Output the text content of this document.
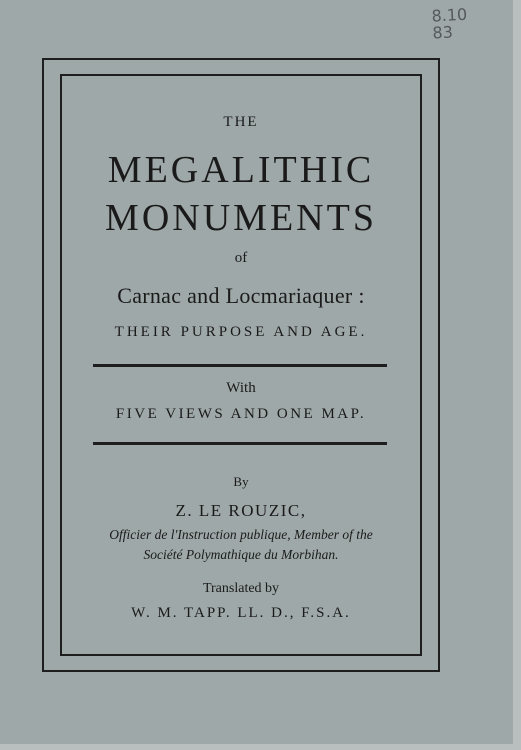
8.10
83
THE
MEGALITHIC
MONUMENTS
of
Carnac and Locmariaquer :
THEIR PURPOSE AND AGE.
With
FIVE VIEWS AND ONE MAP.
By
Z. LE ROUZIC,
Officier de l'Instruction publique, Member of the
Société Polymathique du Morbihan.
Translated by
W. M. TAPP. LL. D., F.S.A.
